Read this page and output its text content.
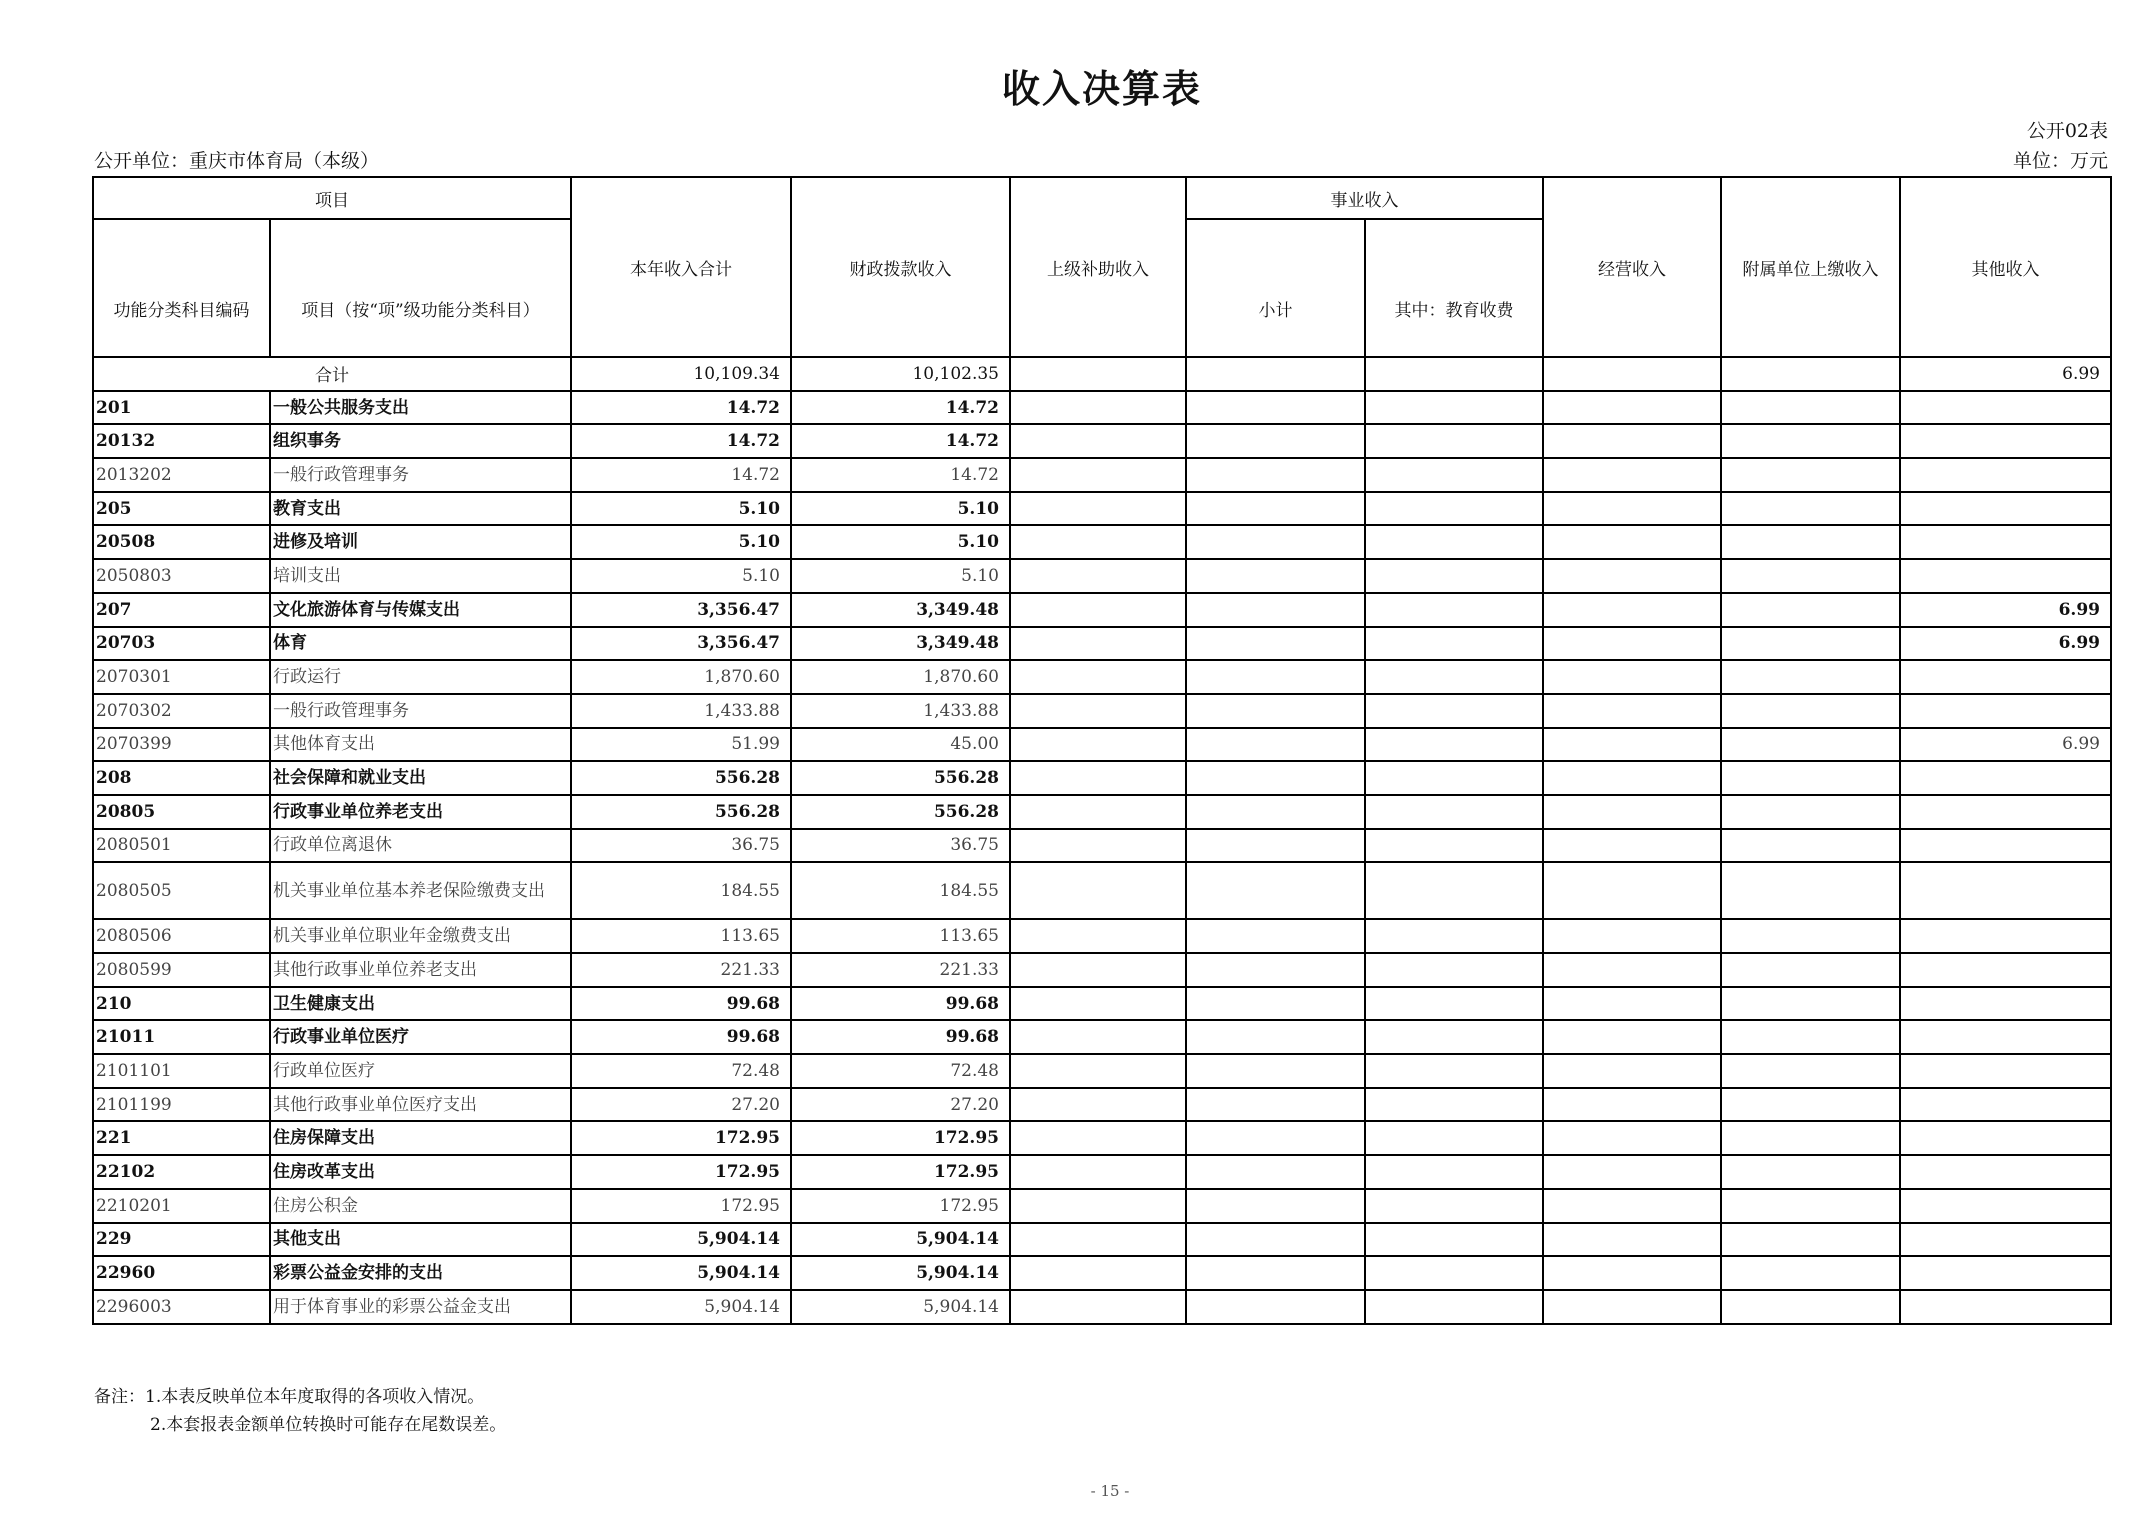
收入决算表
公开02表
单位：万元
公开单位：重庆市体育局（本级）
项目		本年收入合计	财政拨款收入	上级补助收入	事业收入		经营收入	附属单位上缴收入	其他收入
功能分类科目编码	项目（按“项”级功能分类科目）				小计	其中：教育收费			
合计		10,109.34	10,102.35						6.99
201	一般公共服务支出	14.72	14.72						
20132	组织事务	14.72	14.72						
2013202	一般行政管理事务	14.72	14.72						
205	教育支出	5.10	5.10						
20508	进修及培训	5.10	5.10						
2050803	培训支出	5.10	5.10						
207	文化旅游体育与传媒支出	3,356.47	3,349.48						6.99
20703	体育	3,356.47	3,349.48						6.99
2070301	行政运行	1,870.60	1,870.60						
2070302	一般行政管理事务	1,433.88	1,433.88						
2070399	其他体育支出	51.99	45.00						6.99
208	社会保障和就业支出	556.28	556.28						
20805	行政事业单位养老支出	556.28	556.28						
2080501	行政单位离退休	36.75	36.75						
2080505	机关事业单位基本养老保险缴费支出	184.55	184.55						
2080506	机关事业单位职业年金缴费支出	113.65	113.65						
2080599	其他行政事业单位养老支出	221.33	221.33						
210	卫生健康支出	99.68	99.68						
21011	行政事业单位医疗	99.68	99.68						
2101101	行政单位医疗	72.48	72.48						
2101199	其他行政事业单位医疗支出	27.20	27.20						
221	住房保障支出	172.95	172.95						
22102	住房改革支出	172.95	172.95						
2210201	住房公积金	172.95	172.95						
229	其他支出	5,904.14	5,904.14						
22960	彩票公益金安排的支出	5,904.14	5,904.14						
2296003	用于体育事业的彩票公益金支出	5,904.14	5,904.14						
备注：1.本表反映单位本年度取得的各项收入情况。
2.本套报表金额单位转换时可能存在尾数误差。
- 15 -
